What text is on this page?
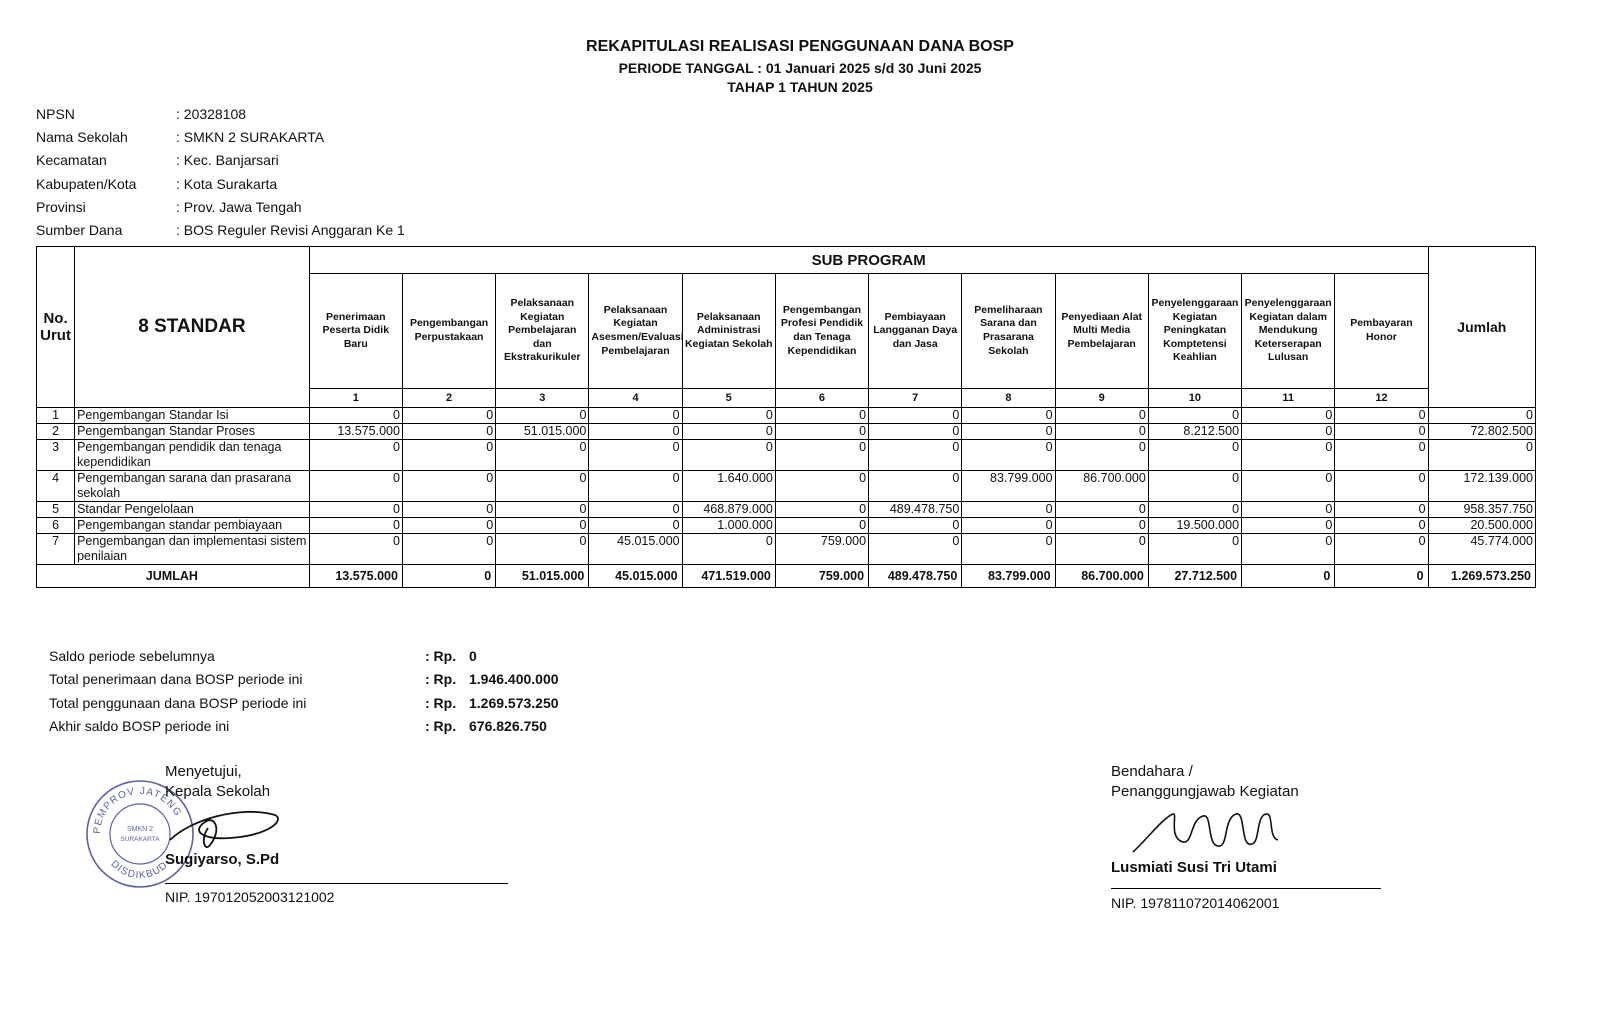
REKAPITULASI REALISASI PENGGUNAAN DANA BOSP
PERIODE TANGGAL : 01 Januari 2025 s/d 30 Juni 2025
TAHAP 1 TAHUN 2025
NPSN	: 20328108
Nama Sekolah	: SMKN 2 SURAKARTA
Kecamatan	: Kec. Banjarsari
Kabupaten/Kota	: Kota Surakarta
Provinsi	: Prov. Jawa Tengah
Sumber Dana	: BOS Reguler Revisi Anggaran Ke 1
No. Urut	8 STANDAR	SUB PROGRAM												Jumlah
		Penerimaan Peserta Didik Baru	Pengembangan Perpustakaan	Pelaksanaan Kegiatan Pembelajaran dan Ekstrakurikuler	Pelaksanaan Kegiatan Asesmen/Evaluasi Pembelajaran	Pelaksanaan Administrasi Kegiatan Sekolah	Pengembangan Profesi Pendidik dan Tenaga Kependidikan	Pembiayaan Langganan Daya dan Jasa	Pemeliharaan Sarana dan Prasarana Sekolah	Penyediaan Alat Multi Media Pembelajaran	Penyelenggaraan Kegiatan Peningkatan Komptetensi Keahlian	Penyelenggaraan Kegiatan dalam Mendukung Keterserapan Lulusan	Pembayaran Honor	
		1	2	3	4	5	6	7	8	9	10	11	12	
1	Pengembangan Standar Isi	0	0	0	0	0	0	0	0	0	0	0	0	0
2	Pengembangan Standar Proses	13.575.000	0	51.015.000	0	0	0	0	0	0	8.212.500	0	0	72.802.500
3	Pengembangan pendidik dan tenaga kependidikan	0	0	0	0	0	0	0	0	0	0	0	0	0
4	Pengembangan sarana dan prasarana sekolah	0	0	0	0	1.640.000	0	0	83.799.000	86.700.000	0	0	0	172.139.000
5	Standar Pengelolaan	0	0	0	0	468.879.000	0	489.478.750	0	0	0	0	0	958.357.750
6	Pengembangan standar pembiayaan	0	0	0	0	1.000.000	0	0	0	0	19.500.000	0	0	20.500.000
7	Pengembangan dan implementasi sistem penilaian	0	0	0	45.015.000	0	759.000	0	0	0	0	0	0	45.774.000
JUMLAH		13.575.000	0	51.015.000	45.015.000	471.519.000	759.000	489.478.750	83.799.000	86.700.000	27.712.500	0	0	1.269.573.250
Saldo periode sebelumnya	: Rp. 0
Total penerimaan dana BOSP periode ini	: Rp. 1.946.400.000
Total penggunaan dana BOSP periode ini	: Rp. 1.269.573.250
Akhir saldo BOSP periode ini	: Rp. 676.826.750
PEMPROV JATENG
DISDIKBUD
SMKN 2
SURAKARTA
Menyetujui,
Kepala Sekolah
Sugiyarso, S.Pd
NIP. 197012052003121002
Bendahara /
Penanggungjawab Kegiatan
Lusmiati Susi Tri Utami
NIP. 197811072014062001
